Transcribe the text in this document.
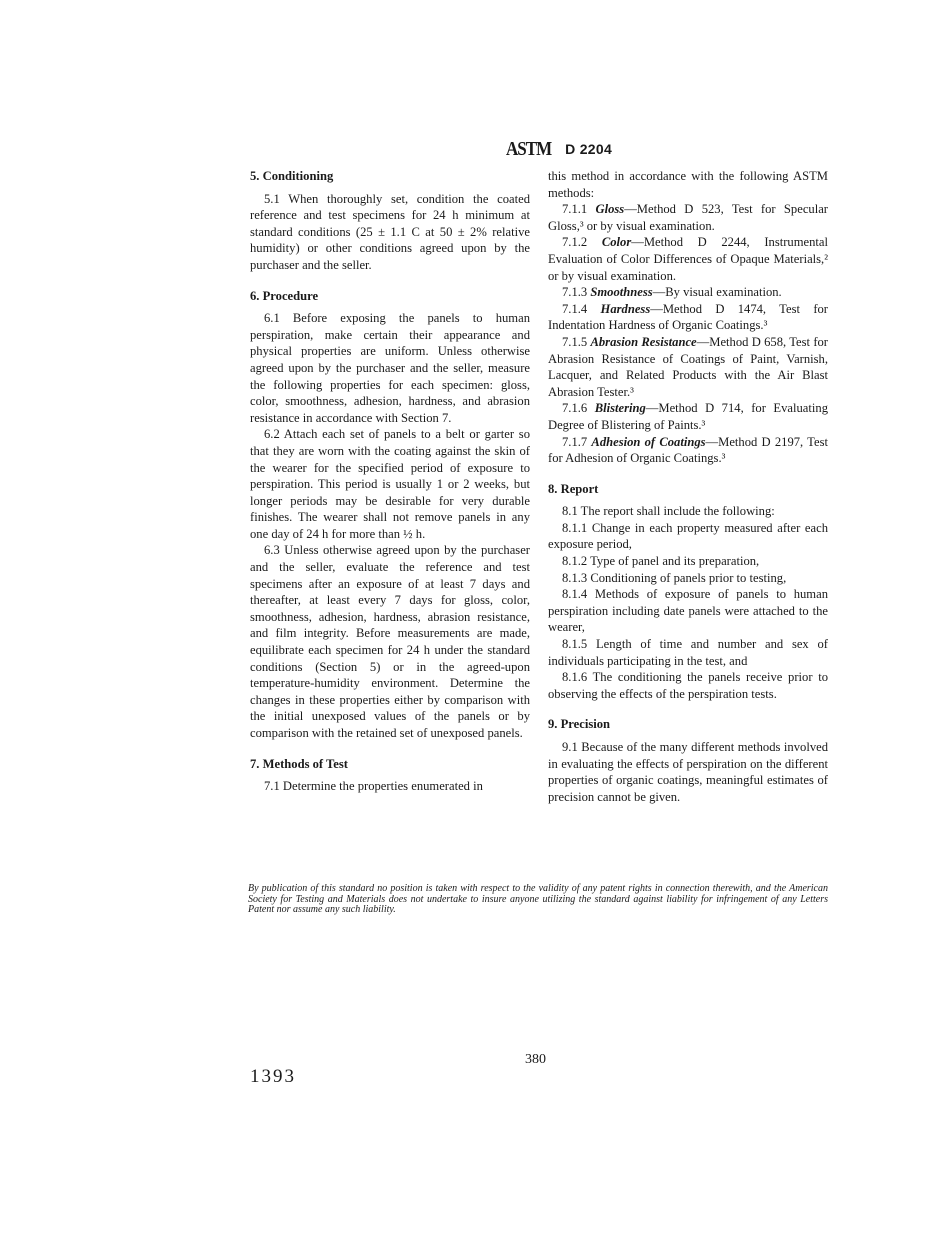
ASTM D 2204
5. Conditioning

5.1 When thoroughly set, condition the coated reference and test specimens for 24 h minimum at standard conditions (25 ± 1.1 C at 50 ± 2% relative humidity) or other conditions agreed upon by the purchaser and the seller.

6. Procedure

6.1 Before exposing the panels to human perspiration, make certain their appearance and physical properties are uniform. Unless otherwise agreed upon by the purchaser and the seller, measure the following properties for each specimen: gloss, color, smoothness, adhesion, hardness, and abrasion resistance in accordance with Section 7.

6.2 Attach each set of panels to a belt or garter so that they are worn with the coating against the skin of the wearer for the specified period of exposure to perspiration. This period is usually 1 or 2 weeks, but longer periods may be desirable for very durable finishes. The wearer shall not remove panels in any one day of 24 h for more than ½ h.

6.3 Unless otherwise agreed upon by the purchaser and the seller, evaluate the reference and test specimens after an exposure of at least 7 days and thereafter, at least every 7 days for gloss, color, smoothness, adhesion, hardness, abrasion resistance, and film integrity. Before measurements are made, equilibrate each specimen for 24 h under the standard conditions (Section 5) or in the agreed-upon temperature-humidity environment. Determine the changes in these properties either by comparison with the initial unexposed values of the panels or by comparison with the retained set of unexposed panels.

7. Methods of Test

7.1 Determine the properties enumerated in

this method in accordance with the following ASTM methods:

7.1.1 Gloss—Method D 523, Test for Specular Gloss,³ or by visual examination.

7.1.2 Color—Method D 2244, Instrumental Evaluation of Color Differences of Opaque Materials,² or by visual examination.

7.1.3 Smoothness—By visual examination.

7.1.4 Hardness—Method D 1474, Test for Indentation Hardness of Organic Coatings.³

7.1.5 Abrasion Resistance—Method D 658, Test for Abrasion Resistance of Coatings of Paint, Varnish, Lacquer, and Related Products with the Air Blast Abrasion Tester.³

7.1.6 Blistering—Method D 714, for Evaluating Degree of Blistering of Paints.³

7.1.7 Adhesion of Coatings—Method D 2197, Test for Adhesion of Organic Coatings.³

8. Report

8.1 The report shall include the following:

8.1.1 Change in each property measured after each exposure period,

8.1.2 Type of panel and its preparation,

8.1.3 Conditioning of panels prior to testing,

8.1.4 Methods of exposure of panels to human perspiration including date panels were attached to the wearer,

8.1.5 Length of time and number and sex of individuals participating in the test, and

8.1.6 The conditioning the panels receive prior to observing the effects of the perspiration tests.

9. Precision

9.1 Because of the many different methods involved in evaluating the effects of perspiration on the different properties of organic coatings, meaningful estimates of precision cannot be given.

By publication of this standard no position is taken with respect to the validity of any patent rights in connection therewith, and the American Society for Testing and Materials does not undertake to insure anyone utilizing the standard against liability for infringement of any Letters Patent nor assume any such liability.
380
1393
